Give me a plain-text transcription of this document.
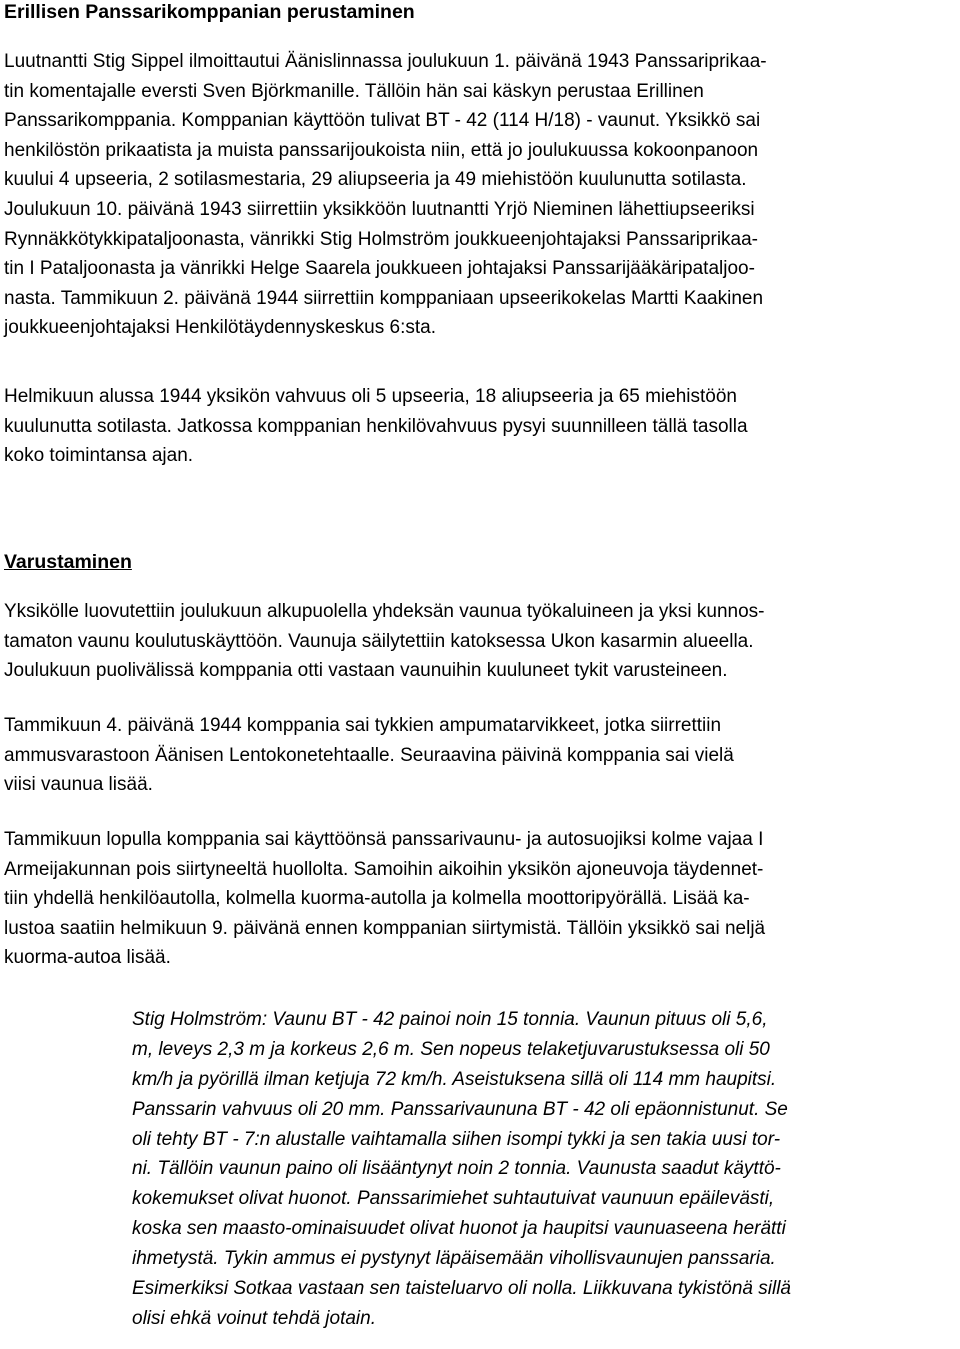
Erillisen Panssarikomppanian perustaminen
Luutnantti Stig Sippel ilmoittautui Äänislinnassa joulukuun 1. päivänä 1943 Panssariprikaa-
tin komentajalle eversti Sven Björkmanille. Tällöin hän sai käskyn perustaa Erillinen
Panssarikomppania. Komppanian käyttöön tulivat BT - 42 (114 H/18) - vaunut. Yksikkö sai
henkilöstön prikaatista ja muista panssarijoukoista niin, että jo joulukuussa kokoonpanoon
kuului 4 upseeria, 2 sotilasmestaria, 29 aliupseeria ja 49 miehistöön kuulunutta sotilasta.
Joulukuun 10. päivänä 1943 siirrettiin yksikköön luutnantti Yrjö Nieminen lähettiupseeriksi
Rynnäkkötykkipataljoonasta, vänrikki Stig Holmström joukkueenjohtajaksi Panssariprikaa-
tin I Pataljoonasta ja vänrikki Helge Saarela joukkueen johtajaksi Panssarijääkäripataljoo-
nasta. Tammikuun 2. päivänä 1944 siirrettiin komppaniaan upseerikokelas Martti Kaakinen
joukkueenjohtajaksi Henkilötäydennyskeskus 6:sta.
Helmikuun alussa 1944 yksikön vahvuus oli 5 upseeria, 18 aliupseeria ja 65 miehistöön
kuulunutta sotilasta. Jatkossa komppanian henkilövahvuus pysyi suunnilleen tällä tasolla
koko toimintansa ajan.
Varustaminen
Yksikölle luovutettiin joulukuun alkupuolella yhdeksän vaunua työkaluineen ja yksi kunnos-
tamaton vaunu koulutuskäyttöön. Vaunuja säilytettiin katoksessa Ukon kasarmin alueella.
Joulukuun puolivälissä komppania otti vastaan vaunuihin kuuluneet tykit varusteineen.
Tammikuun 4. päivänä 1944 komppania sai tykkien ampumatarvikkeet, jotka siirrettiin
ammusvarastoon Äänisen Lentokonetehtaalle. Seuraavina päivinä komppania sai vielä
viisi vaunua lisää.
Tammikuun lopulla komppania sai käyttöönsä panssarivaunu- ja autosuojiksi kolme vajaa I
Armeijakunnan pois siirtyneeltä huollolta. Samoihin aikoihin yksikön ajoneuvoja täydennet-
tiin yhdellä henkilöautolla, kolmella kuorma-autolla ja kolmella moottoripyörällä. Lisää ka-
lustoa saatiin helmikuun 9. päivänä ennen komppanian siirtymistä. Tällöin yksikkö sai neljä
kuorma-autoa lisää.
Stig Holmström: Vaunu BT - 42 painoi noin 15 tonnia. Vaunun pituus oli 5,6,
m, leveys 2,3 m ja korkeus 2,6 m. Sen nopeus telaketjuvarustuksessa oli 50
km/h ja pyörillä ilman ketjuja 72 km/h. Aseistuksena sillä oli 114 mm haupitsi.
Panssarin vahvuus oli 20 mm. Panssarivaununa BT - 42 oli epäonnistunut. Se
oli tehty BT - 7:n alustalle vaihtamalla siihen isompi tykki ja sen takia uusi tor-
ni. Tällöin vaunun paino oli lisääntynyt noin 2 tonnia. Vaunusta saadut käyttö-
kokemukset olivat huonot. Panssarimiehet suhtautuivat vaunuun epäilevästi,
koska sen maasto-ominaisuudet olivat huonot ja haupitsi vaunuaseena herätti
ihmetystä. Tykin ammus ei pystynyt läpäisemään vihollisvaunujen panssaria.
Esimerkiksi Sotkaa vastaan sen taisteluarvo oli nolla. Liikkuvana tykistönä sillä
olisi ehkä voinut tehdä jotain.
